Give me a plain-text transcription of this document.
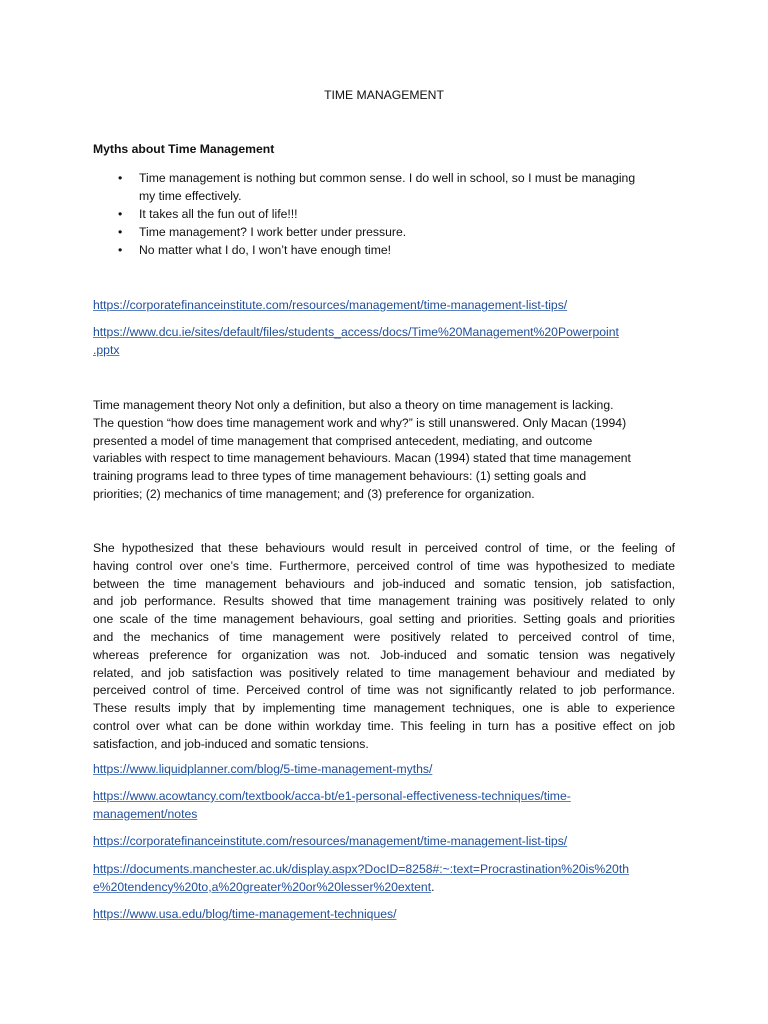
TIME MANAGEMENT
Myths about Time Management
• Time management is nothing but common sense. I do well in school, so I must be managing
my time effectively.
• It takes all the fun out of life!!!
• Time management? I work better under pressure.
• No matter what I do, I won’t have enough time!
https://corporatefinanceinstitute.com/resources/management/time-management-list-tips/
https://www.dcu.ie/sites/default/files/students_access/docs/Time%20Management%20Powerpoint
.pptx
Time management theory Not only a definition, but also a theory on time management is lacking.
The question “how does time management work and why?” is still unanswered. Only Macan (1994)
presented a model of time management that comprised antecedent, mediating, and outcome
variables with respect to time management behaviours. Macan (1994) stated that time management
training programs lead to three types of time management behaviours: (1) setting goals and
priorities; (2) mechanics of time management; and (3) preference for organization.
She hypothesized that these behaviours would result in perceived control of time, or the feeling of
having control over one’s time. Furthermore, perceived control of time was hypothesized to mediate
between the time management behaviours and job-induced and somatic tension, job satisfaction,
and job performance. Results showed that time management training was positively related to only
one scale of the time management behaviours, goal setting and priorities. Setting goals and priorities
and the mechanics of time management were positively related to perceived control of time,
whereas preference for organization was not. Job-induced and somatic tension was negatively
related, and job satisfaction was positively related to time management behaviour and mediated by
perceived control of time. Perceived control of time was not significantly related to job performance.
These results imply that by implementing time management techniques, one is able to experience
control over what can be done within workday time. This feeling in turn has a positive effect on job
satisfaction, and job-induced and somatic tensions.
https://www.liquidplanner.com/blog/5-time-management-myths/
https://www.acowtancy.com/textbook/acca-bt/e1-personal-effectiveness-techniques/time-
management/notes
https://corporatefinanceinstitute.com/resources/management/time-management-list-tips/
https://documents.manchester.ac.uk/display.aspx?DocID=8258#:~:text=Procrastination%20is%20th
e%20tendency%20to,a%20greater%20or%20lesser%20extent.
https://www.usa.edu/blog/time-management-techniques/
